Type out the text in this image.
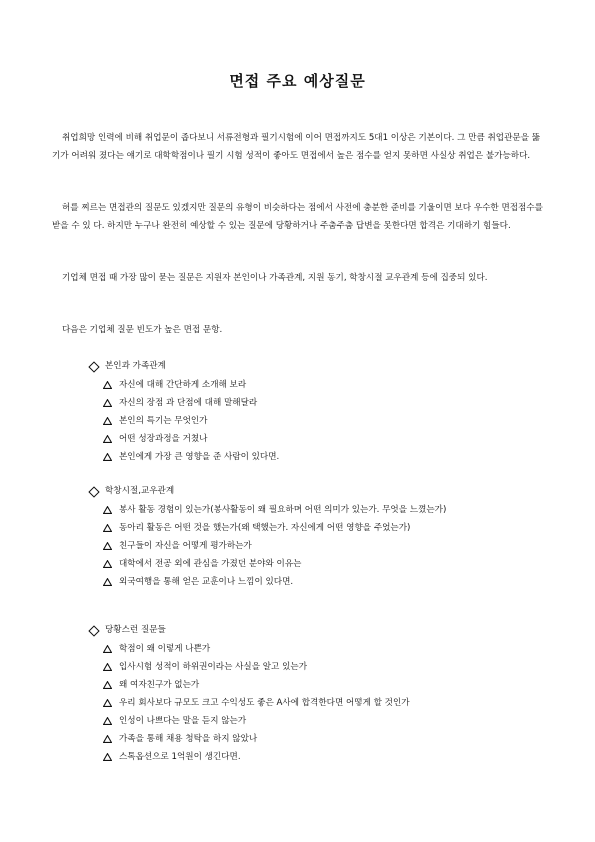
면접 주요 예상질문

취업희망 인력에 비해 취업문이 좁다보니 서류전형과 필기시험에 이어 면접까지도 5대1 이상은 기본이다. 그 만큼 취업관문을 뚫기가 어려워 졌다는 얘기로 대학학점이나 필기 시험 성적이 좋아도 면접에서 높은 점수를 얻지 못하면 사실상 취업은 불가능하다.

허를 찌르는 면접관의 질문도 있겠지만 질문의 유형이 비슷하다는 점에서 사전에 충분한 준비를 기울이면 보다 우수한 면접점수를 받을 수 있 다. 하지만 누구나 완전히 예상할 수 있는 질문에 당황하거나 주춤주춤 답변을 못한다면 합격은 기대하기 힘들다.

기업체 면접 때 가장 많이 묻는 질문은 지원자 본인이나 가족관계, 지원 동기, 학창시절 교우관계 등에 집중되 있다.

다음은 기업체 질문 빈도가 높은 면접 문항.

본인과 가족관계
자신에 대해 간단하게 소개해 보라
자신의 장점 과 단점에 대해 말해달라
본인의 특기는 무엇인가
어떤 성장과정을 거쳤나
본인에게 가장 큰 영향을 준 사람이 있다면.
학창시절,교우관계
봉사 활동 경험이 있는가(봉사활동이 왜 필요하며 어떤 의미가 있는가. 무엇을 느꼈는가)
동아리 활동은 어떤 것을 했는가(왜 택했는가. 자신에게 어떤 영향을 주었는가)
친구들이 자신을 어떻게 평가하는가
대학에서 전공 외에 관심을 가졌던 분야와 이유는
외국여행을 통해 얻은 교훈이나 느낌이 있다면.
당황스런 질문들
학점이 왜 이렇게 나쁜가
입사시험 성적이 하위권이라는 사실을 알고 있는가
왜 여자친구가 없는가
우리 회사보다 규모도 크고 수익성도 좋은 A사에 합격한다면 어떻게 할 것인가
인성이 나쁘다는 말을 듣지 않는가
가족을 통해 채용 청탁을 하지 않았나
스톡옵션으로 1억원이 생긴다면.
